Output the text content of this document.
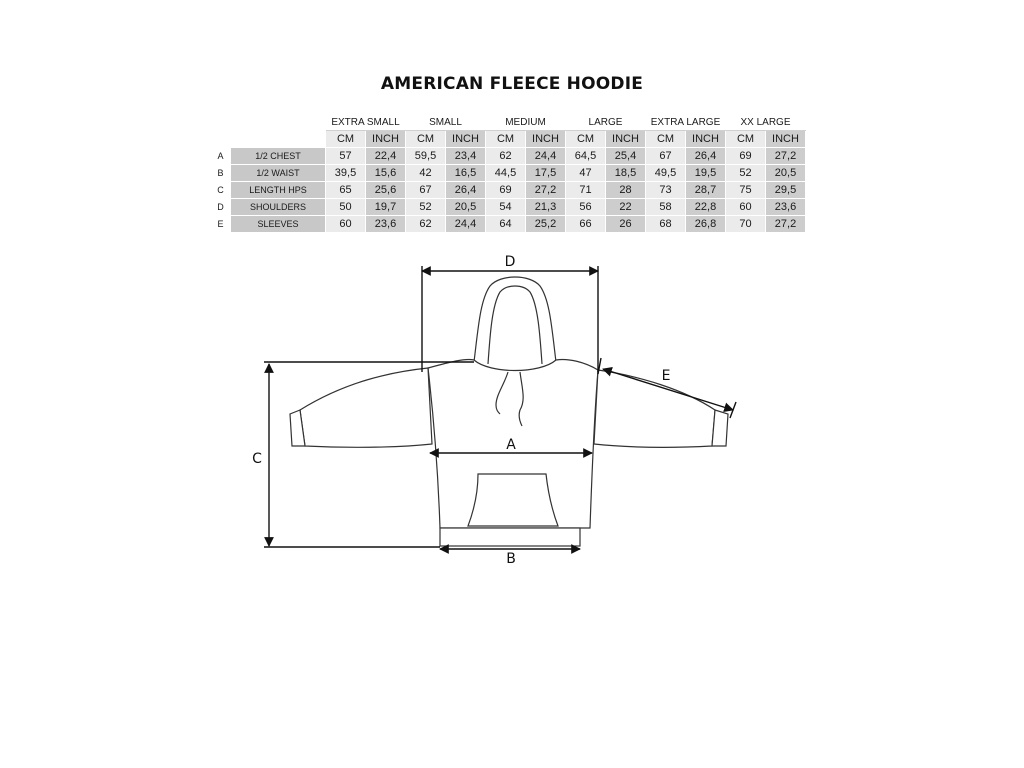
AMERICAN FLEECE HOODIE
		EXTRA SMALL		SMALL		MEDIUM		LARGE		EXTRA LARGE		XX LARGE	
		CM	INCH	CM	INCH	CM	INCH	CM	INCH	CM	INCH	CM	INCH
A	1/2 CHEST	57	22,4	59,5	23,4	62	24,4	64,5	25,4	67	26,4	69	27,2
B	1/2 WAIST	39,5	15,6	42	16,5	44,5	17,5	47	18,5	49,5	19,5	52	20,5
C	LENGTH HPS	65	25,6	67	26,4	69	27,2	71	28	73	28,7	75	29,5
D	SHOULDERS	50	19,7	52	20,5	54	21,3	56	22	58	22,8	60	23,6
E	SLEEVES	60	23,6	62	24,4	64	25,2	66	26	68	26,8	70	27,2
D
A
B
C
E
